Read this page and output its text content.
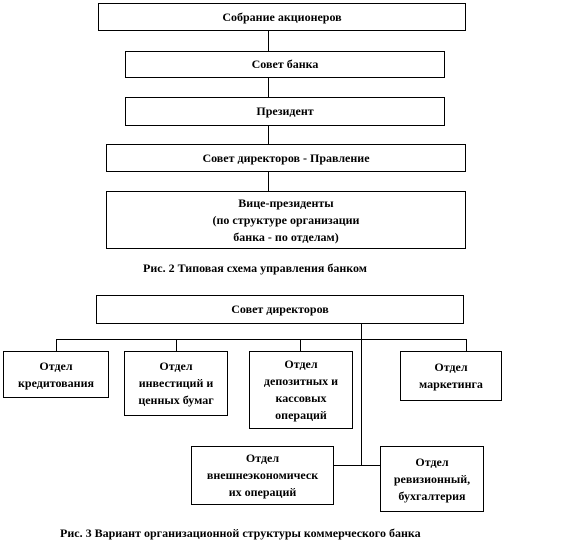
Собрание акционеров
Совет банка
Президент
Совет директоров - Правление
Вице-президенты
(по структуре организации
банка - по отделам)
Рис. 2 Типовая схема управления банком
Совет директоров
Отдел
кредитования
Отдел
инвестиций и
ценных бумаг
Отдел
депозитных и
кассовых
операций
Отдел
маркетинга
Отдел
внешнеэкономическ
их операций
Отдел
ревизионный,
бухгалтерия
Рис. 3 Вариант организационной структуры коммерческого банка
